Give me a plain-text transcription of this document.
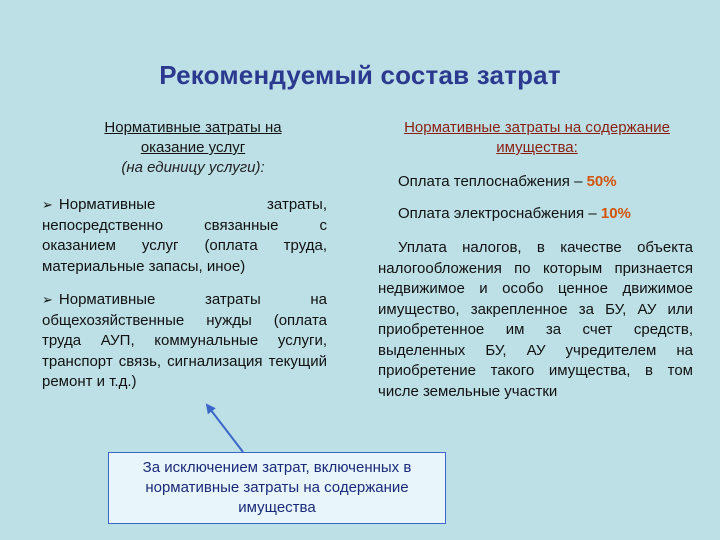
Рекомендуемый состав затрат
Нормативные затраты на
оказание услуг
(на единицу услуги):
➢ Нормативные затраты, непосредственно связанные с оказанием услуг (оплата труда, материальные запасы, иное)
➢ Нормативные затраты на общехозяйственные нужды (оплата труда АУП, коммунальные услуги, транспорт связь, сигнализация текущий ремонт и т.д.)
Нормативные затраты на содержание имущества:
Оплата теплоснабжения – 50%
Оплата электроснабжения – 10%
Уплата налогов, в качестве объекта налогообложения по которым признается недвижимое и особо ценное движимое имущество, закрепленное за БУ, АУ или приобретенное им за счет средств, выделенных БУ, АУ учредителем на приобретение такого имущества, в том числе земельные участки
За исключением затрат, включенных в нормативные затраты на содержание имущества
